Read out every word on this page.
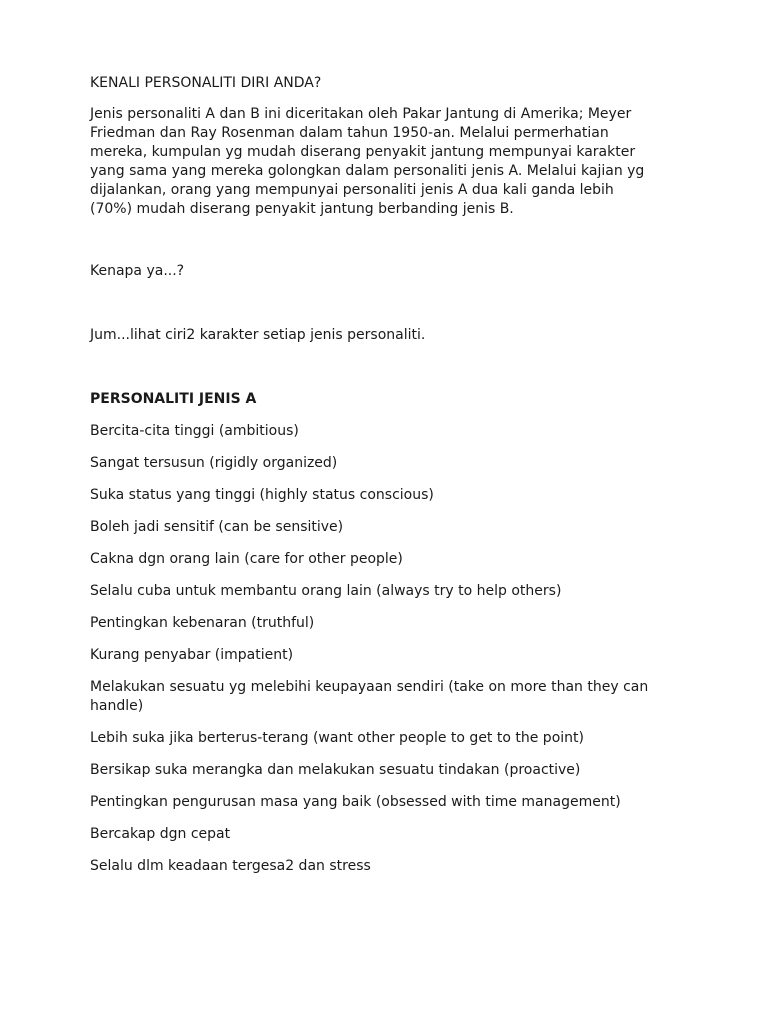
KENALI PERSONALITI DIRI ANDA?

Jenis personaliti A dan B ini diceritakan oleh Pakar Jantung di Amerika; Meyer Friedman dan Ray Rosenman dalam tahun 1950-an. Melalui permerhatian mereka, kumpulan yg mudah diserang penyakit jantung mempunyai karakter yang sama yang mereka golongkan dalam personaliti jenis A. Melalui kajian yg dijalankan, orang yang mempunyai personaliti jenis A dua kali ganda lebih (70%) mudah diserang penyakit jantung berbanding jenis B.

Kenapa ya...?

Jum...lihat ciri2 karakter setiap jenis personaliti.

PERSONALITI JENIS A

Bercita-cita tinggi (ambitious)
Sangat tersusun (rigidly organized)
Suka status yang tinggi (highly status conscious)
Boleh jadi sensitif (can be sensitive)
Cakna dgn orang lain (care for other people)
Selalu cuba untuk membantu orang lain (always try to help others)
Pentingkan kebenaran (truthful)
Kurang penyabar (impatient)
Melakukan sesuatu yg melebihi keupayaan sendiri (take on more than they can handle)
Lebih suka jika berterus-terang (want other people to get to the point)
Bersikap suka merangka dan melakukan sesuatu tindakan (proactive)
Pentingkan pengurusan masa yang baik (obsessed with time management)
Bercakap dgn cepat
Selalu dlm keadaan tergesa2 dan stress
